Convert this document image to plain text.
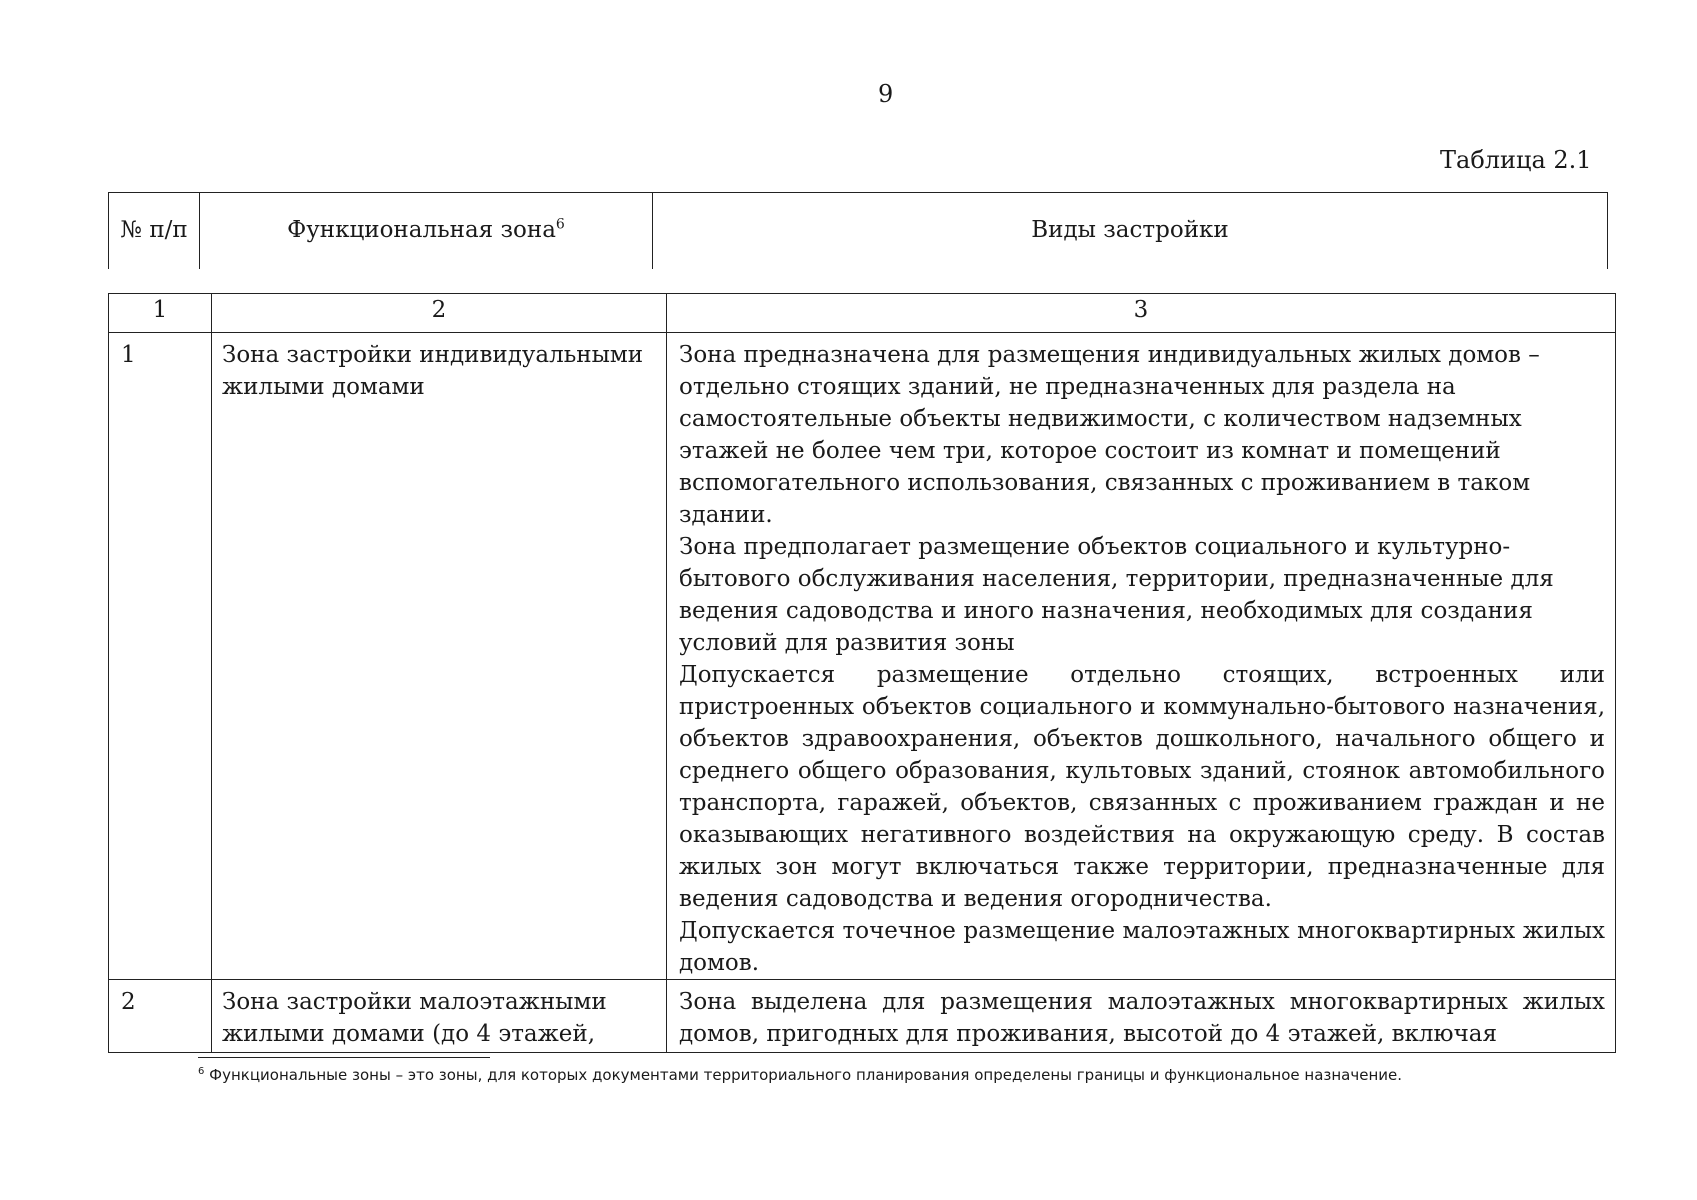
9
Таблица 2.1
№ п/п	Функциональная зона$^6$	Виды застройки
1	2	3
1	Зона застройки индивидуальными жилыми домами	Зона предназначена для размещения индивидуальных жилых домов – отдельно стоящих зданий, не предназначенных для раздела на самостоятельные объекты недвижимости, с количеством надземных этажей не более чем три, которое состоит из комнат и помещений вспомогательного использования, связанных с проживанием в таком здании.

Зона предполагает размещение объектов социального и культурно-бытового обслуживания населения, территории, предназначенные для ведения садоводства и иного назначения, необходимых для создания условий для развития зоны

Допускается размещение отдельно стоящих, встроенных или пристроенных объектов социального и коммунально-бытового назначения, объектов здравоохранения, объектов дошкольного, начального общего и среднего общего образования, культовых зданий, стоянок автомобильного транспорта, гаражей, объектов, связанных с проживанием граждан и не оказывающих негативного воздействия на окружающую среду. В состав жилых зон могут включаться также территории, предназначенные для ведения садоводства и ведения огородничества.

Допускается точечное размещение малоэтажных многоквартирных жилых домов.

2	Зона застройки малоэтажными жилыми домами (до 4 этажей,	Зона выделена для размещения малоэтажных многоквартирных жилых домов, пригодных для проживания, высотой до 4 этажей, включая

$^6$ Функциональные зоны – это зоны, для которых документами территориального планирования определены границы и функциональное назначение.
